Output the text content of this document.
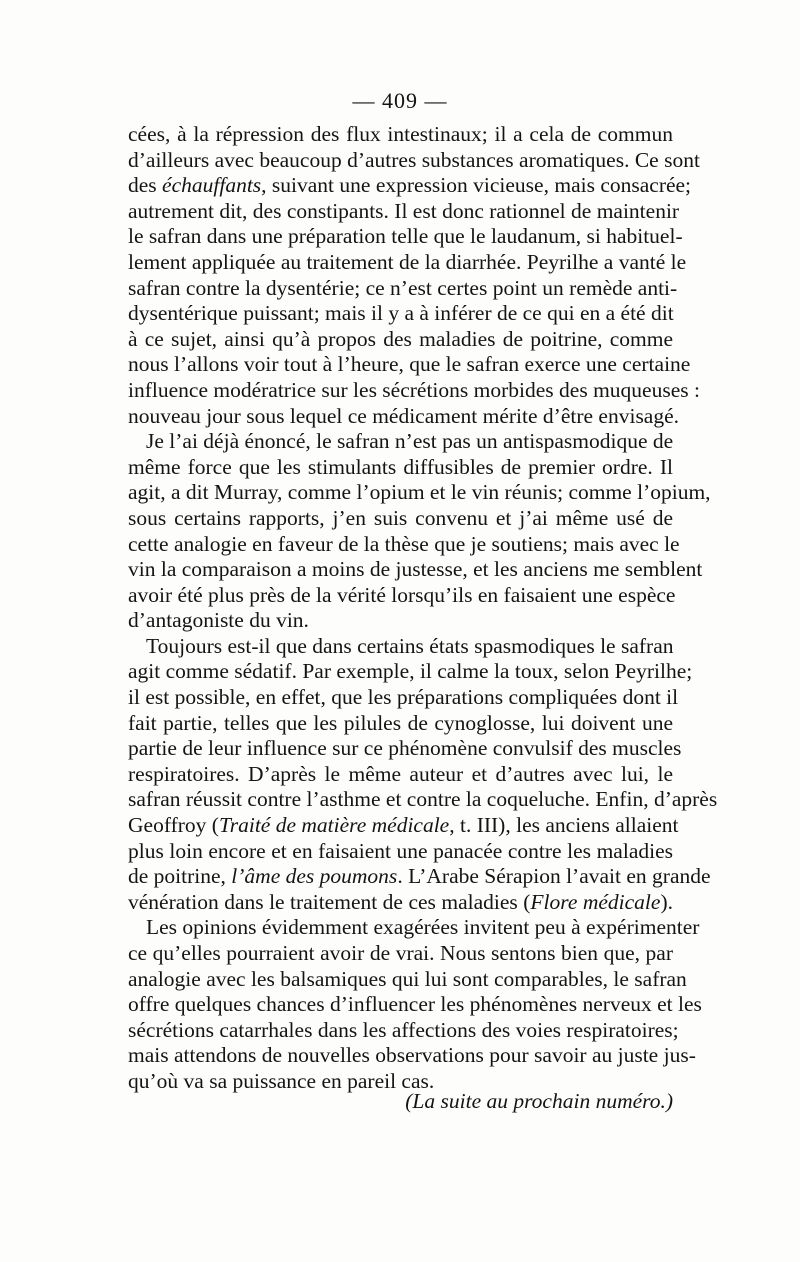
— 409 —
cées, à la répression des flux intestinaux; il a cela de commun
d’ailleurs avec beaucoup d’autres substances aromatiques. Ce sont
des échauffants, suivant une expression vicieuse, mais consacrée;
autrement dit, des constipants. Il est donc rationnel de maintenir
le safran dans une préparation telle que le laudanum, si habituel-
lement appliquée au traitement de la diarrhée. Peyrilhe a vanté le
safran contre la dysentérie; ce n’est certes point un remède anti-
dysentérique puissant; mais il y a à inférer de ce qui en a été dit
à ce sujet, ainsi qu’à propos des maladies de poitrine, comme
nous l’allons voir tout à l’heure, que le safran exerce une certaine
influence modératrice sur les sécrétions morbides des muqueuses :
nouveau jour sous lequel ce médicament mérite d’être envisagé.
Je l’ai déjà énoncé, le safran n’est pas un antispasmodique de
même force que les stimulants diffusibles de premier ordre. Il
agit, a dit Murray, comme l’opium et le vin réunis; comme l’opium,
sous certains rapports, j’en suis convenu et j’ai même usé de
cette analogie en faveur de la thèse que je soutiens; mais avec le
vin la comparaison a moins de justesse, et les anciens me semblent
avoir été plus près de la vérité lorsqu’ils en faisaient une espèce
d’antagoniste du vin.
Toujours est-il que dans certains états spasmodiques le safran
agit comme sédatif. Par exemple, il calme la toux, selon Peyrilhe;
il est possible, en effet, que les préparations compliquées dont il
fait partie, telles que les pilules de cynoglosse, lui doivent une
partie de leur influence sur ce phénomène convulsif des muscles
respiratoires. D’après le même auteur et d’autres avec lui, le
safran réussit contre l’asthme et contre la coqueluche. Enfin, d’après
Geoffroy (Traité de matière médicale, t. III), les anciens allaient
plus loin encore et en faisaient une panacée contre les maladies
de poitrine, l’âme des poumons. L’Arabe Sérapion l’avait en grande
vénération dans le traitement de ces maladies (Flore médicale).
Les opinions évidemment exagérées invitent peu à expérimenter
ce qu’elles pourraient avoir de vrai. Nous sentons bien que, par
analogie avec les balsamiques qui lui sont comparables, le safran
offre quelques chances d’influencer les phénomènes nerveux et les
sécrétions catarrhales dans les affections des voies respiratoires;
mais attendons de nouvelles observations pour savoir au juste jus-
qu’où va sa puissance en pareil cas.
(La suite au prochain numéro.)
